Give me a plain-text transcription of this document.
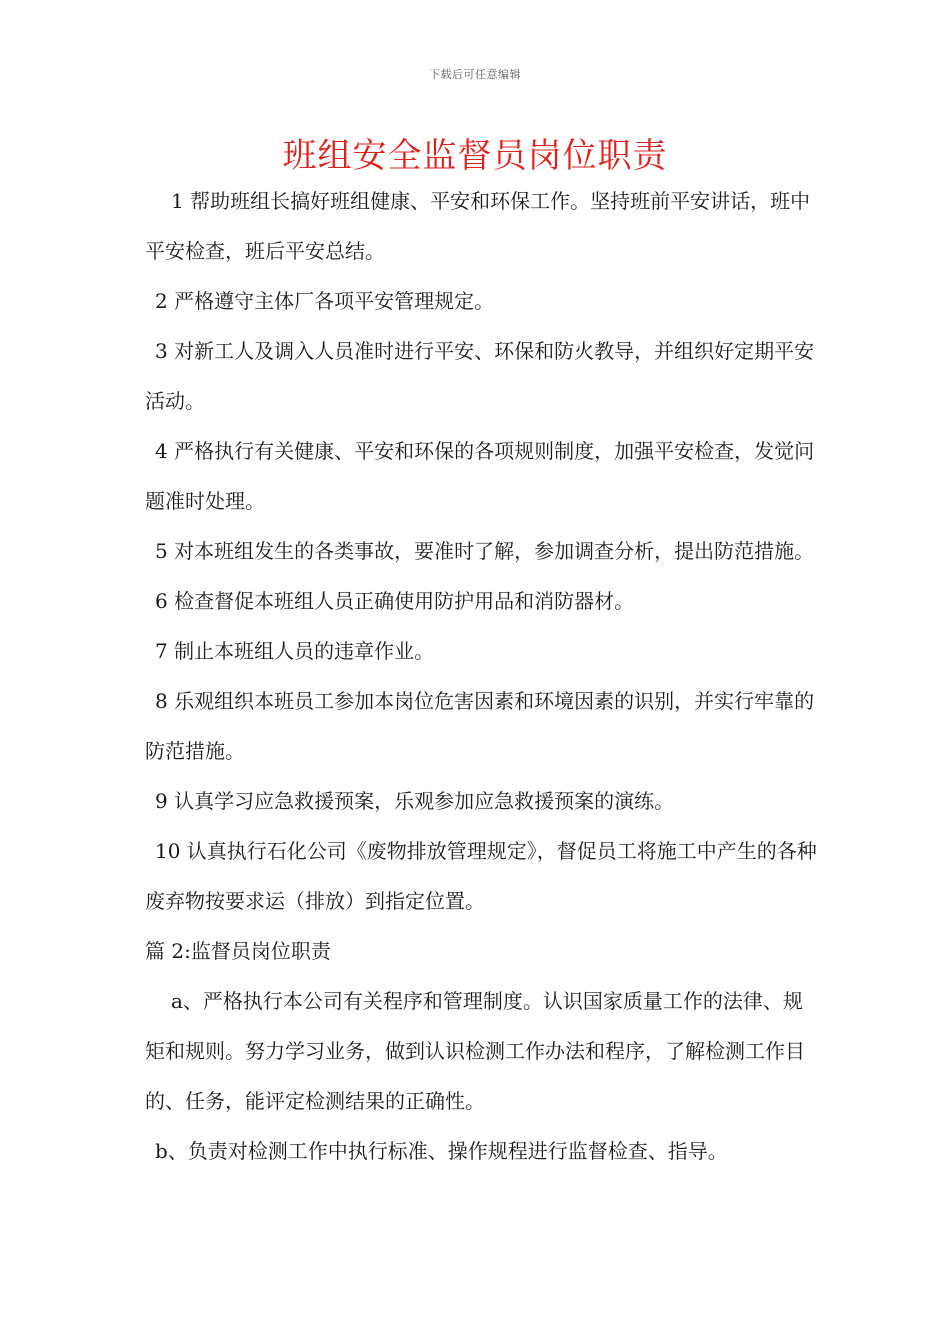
下载后可任意编辑
班组安全监督员岗位职责

1 帮助班组长搞好班组健康、平安和环保工作。坚持班前平安讲话，班中平安检查，班后平安总结。

2 严格遵守主体厂各项平安管理规定。

3 对新工人及调入人员准时进行平安、环保和防火教导，并组织好定期平安活动。

4 严格执行有关健康、平安和环保的各项规则制度，加强平安检查，发觉问题准时处理。

5 对本班组发生的各类事故，要准时了解，参加调查分析，提出防范措施。

6 检查督促本班组人员正确使用防护用品和消防器材。

7 制止本班组人员的违章作业。

8 乐观组织本班员工参加本岗位危害因素和环境因素的识别，并实行牢靠的防范措施。

9 认真学习应急救援预案，乐观参加应急救援预案的演练。

10 认真执行石化公司《废物排放管理规定》，督促员工将施工中产生的各种废弃物按要求运（排放）到指定位置。

篇 2:监督员岗位职责

a、严格执行本公司有关程序和管理制度。认识国家质量工作的法律、规矩和规则。努力学习业务，做到认识检测工作办法和程序，了解检测工作目的、任务，能评定检测结果的正确性。

b、负责对检测工作中执行标准、操作规程进行监督检查、指导。
